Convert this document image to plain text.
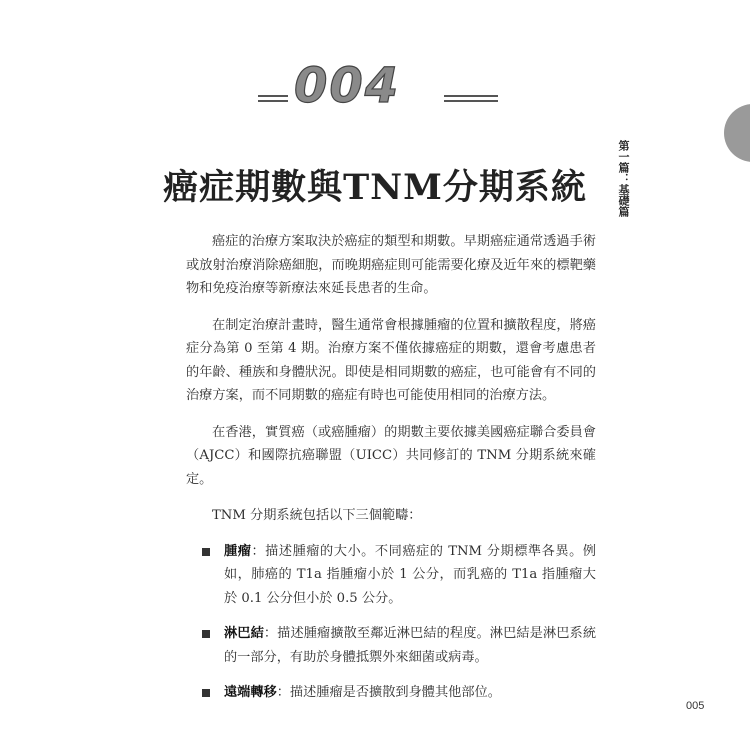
004
第一篇：基礎篇
癌症期數與TNM分期系統

癌症的治療方案取決於癌症的類型和期數。早期癌症通常透過手術或放射治療消除癌細胞，而晚期癌症則可能需要化療及近年來的標靶藥物和免疫治療等新療法來延長患者的生命。

在制定治療計畫時，醫生通常會根據腫瘤的位置和擴散程度，將癌症分為第 0 至第 4 期。治療方案不僅依據癌症的期數，還會考慮患者的年齡、種族和身體狀況。即使是相同期數的癌症，也可能會有不同的治療方案，而不同期數的癌症有時也可能使用相同的治療方法。

在香港，實質癌（或癌腫瘤）的期數主要依據美國癌症聯合委員會（AJCC）和國際抗癌聯盟（UICC）共同修訂的 TNM 分期系統來確定。

TNM 分期系統包括以下三個範疇：

腫瘤：描述腫瘤的大小。不同癌症的 TNM 分期標準各異。例如，肺癌的 T1a 指腫瘤小於 1 公分，而乳癌的 T1a 指腫瘤大於 0.1 公分但小於 0.5 公分。
淋巴結：描述腫瘤擴散至鄰近淋巴結的程度。淋巴結是淋巴系統的一部分，有助於身體抵禦外來細菌或病毒。
遠端轉移：描述腫瘤是否擴散到身體其他部位。
005
